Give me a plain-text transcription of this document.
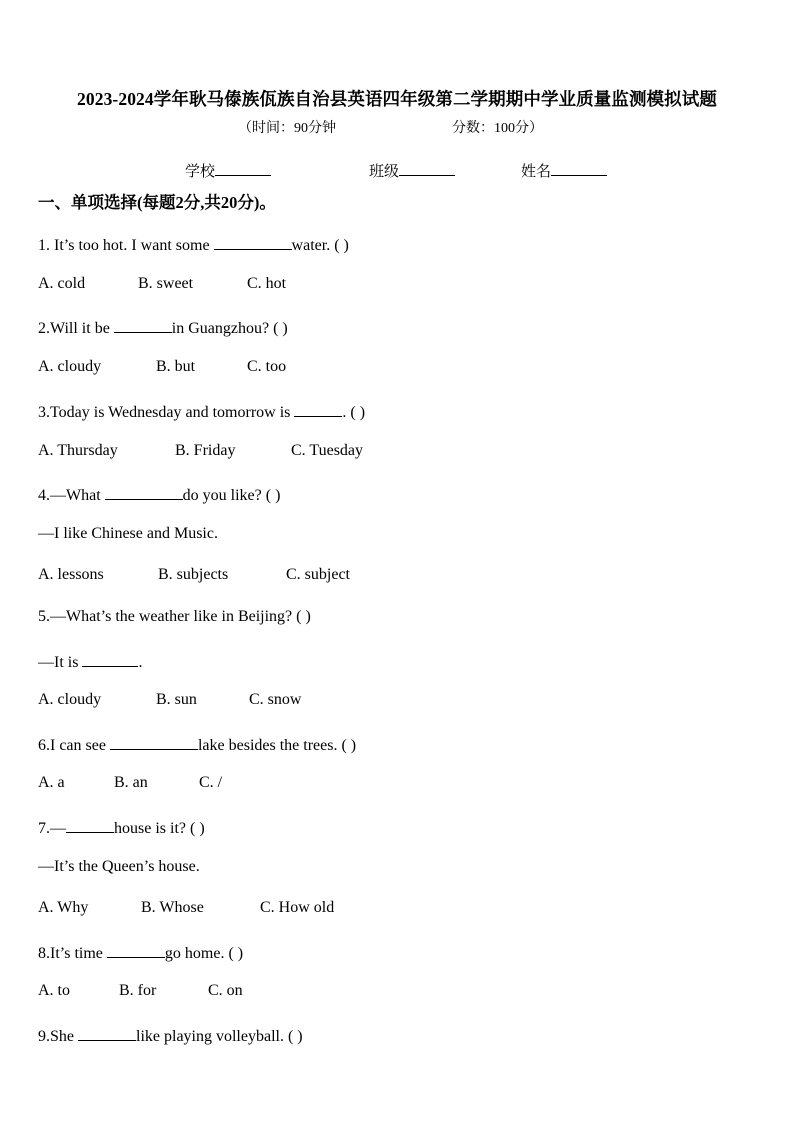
2023-2024学年耿马傣族佤族自治县英语四年级第二学期期中学业质量监测模拟试题
（时间：90分钟	分数：100分）
学校	班级	姓名
一、单项选择(每题2分,共20分)。
1. It’s too hot. I want some	water. ( )
A. cold	B. sweet	C. hot
2.Will it be	in Guangzhou? ( )
A. cloudy	B. but	C. too
3.Today is Wednesday and tomorrow is	. ( )
A. Thursday	B. Friday	C. Tuesday
4.—What	do you like? ( )
—I like Chinese and Music.
A. lessons	B. subjects	C. subject
5.—What’s the weather like in Beijing? ( )
—It is	.
A. cloudy	B. sun	C. snow
6.I can see	lake besides the trees. ( )
A. a	B. an	C. /
7.—	house is it? ( )
—It’s the Queen’s house.
A. Why	B. Whose	C. How old
8.It’s time	go home. ( )
A. to	B. for	C. on
9.She	like playing volleyball. ( )
